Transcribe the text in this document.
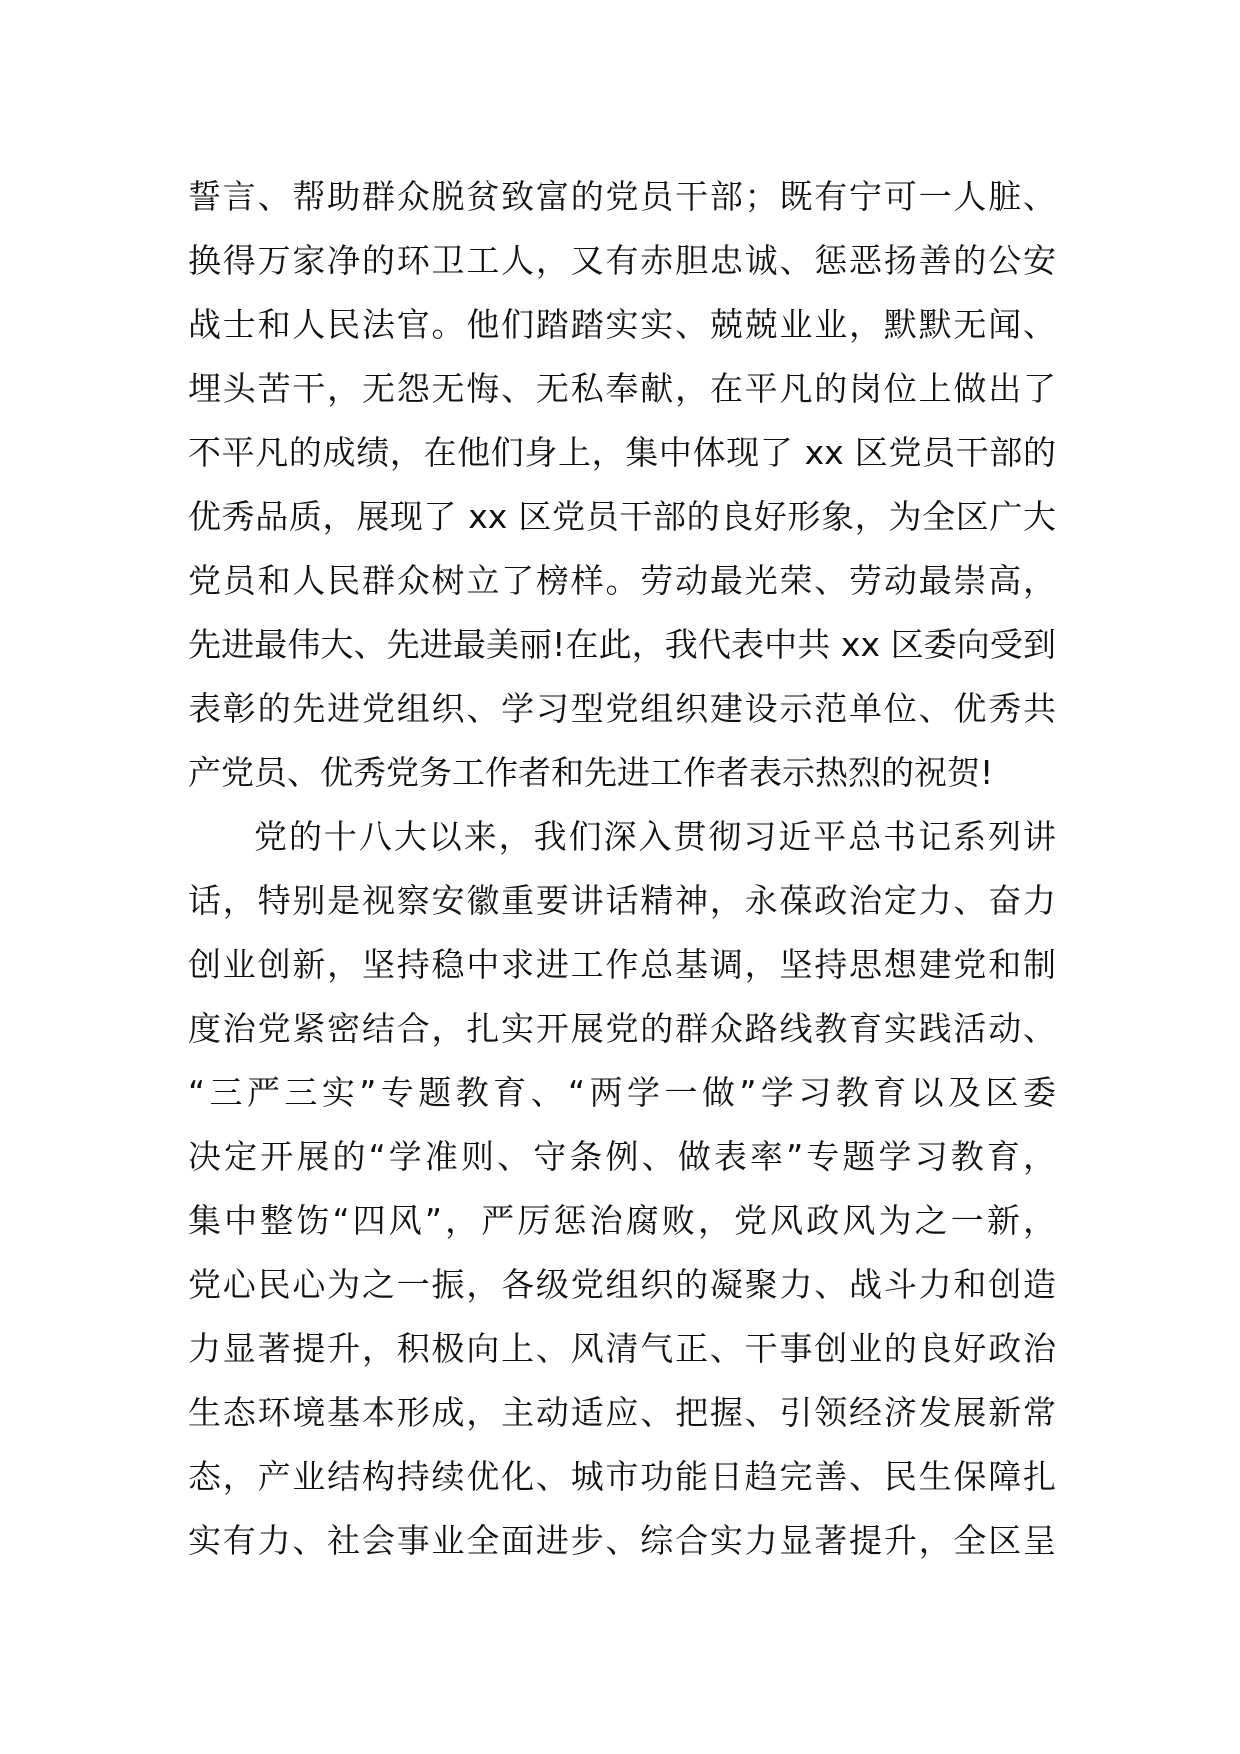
誓言、帮助群众脱贫致富的党员干部；既有宁可一人脏、
换得万家净的环卫工人，又有赤胆忠诚、惩恶扬善的公安
战士和人民法官。他们踏踏实实、兢兢业业，默默无闻、
埋头苦干，无怨无悔、无私奉献，在平凡的岗位上做出了
不平凡的成绩，在他们身上，集中体现了 xx 区党员干部的
优秀品质，展现了 xx 区党员干部的良好形象，为全区广大
党员和人民群众树立了榜样。劳动最光荣、劳动最崇高，
先进最伟大、先进最美丽!在此，我代表中共 xx 区委向受到
表彰的先进党组织、学习型党组织建设示范单位、优秀共
产党员、优秀党务工作者和先进工作者表示热烈的祝贺!
党的十八大以来，我们深入贯彻习近平总书记系列讲
话，特别是视察安徽重要讲话精神，永葆政治定力、奋力
创业创新，坚持稳中求进工作总基调，坚持思想建党和制
度治党紧密结合，扎实开展党的群众路线教育实践活动、
“三严三实”专题教育、“两学一做”学习教育以及区委
决定开展的“学准则、守条例、做表率”专题学习教育，
集中整饬“四风”，严厉惩治腐败，党风政风为之一新，
党心民心为之一振，各级党组织的凝聚力、战斗力和创造
力显著提升，积极向上、风清气正、干事创业的良好政治
生态环境基本形成，主动适应、把握、引领经济发展新常
态，产业结构持续优化、城市功能日趋完善、民生保障扎
实有力、社会事业全面进步、综合实力显著提升，全区呈
